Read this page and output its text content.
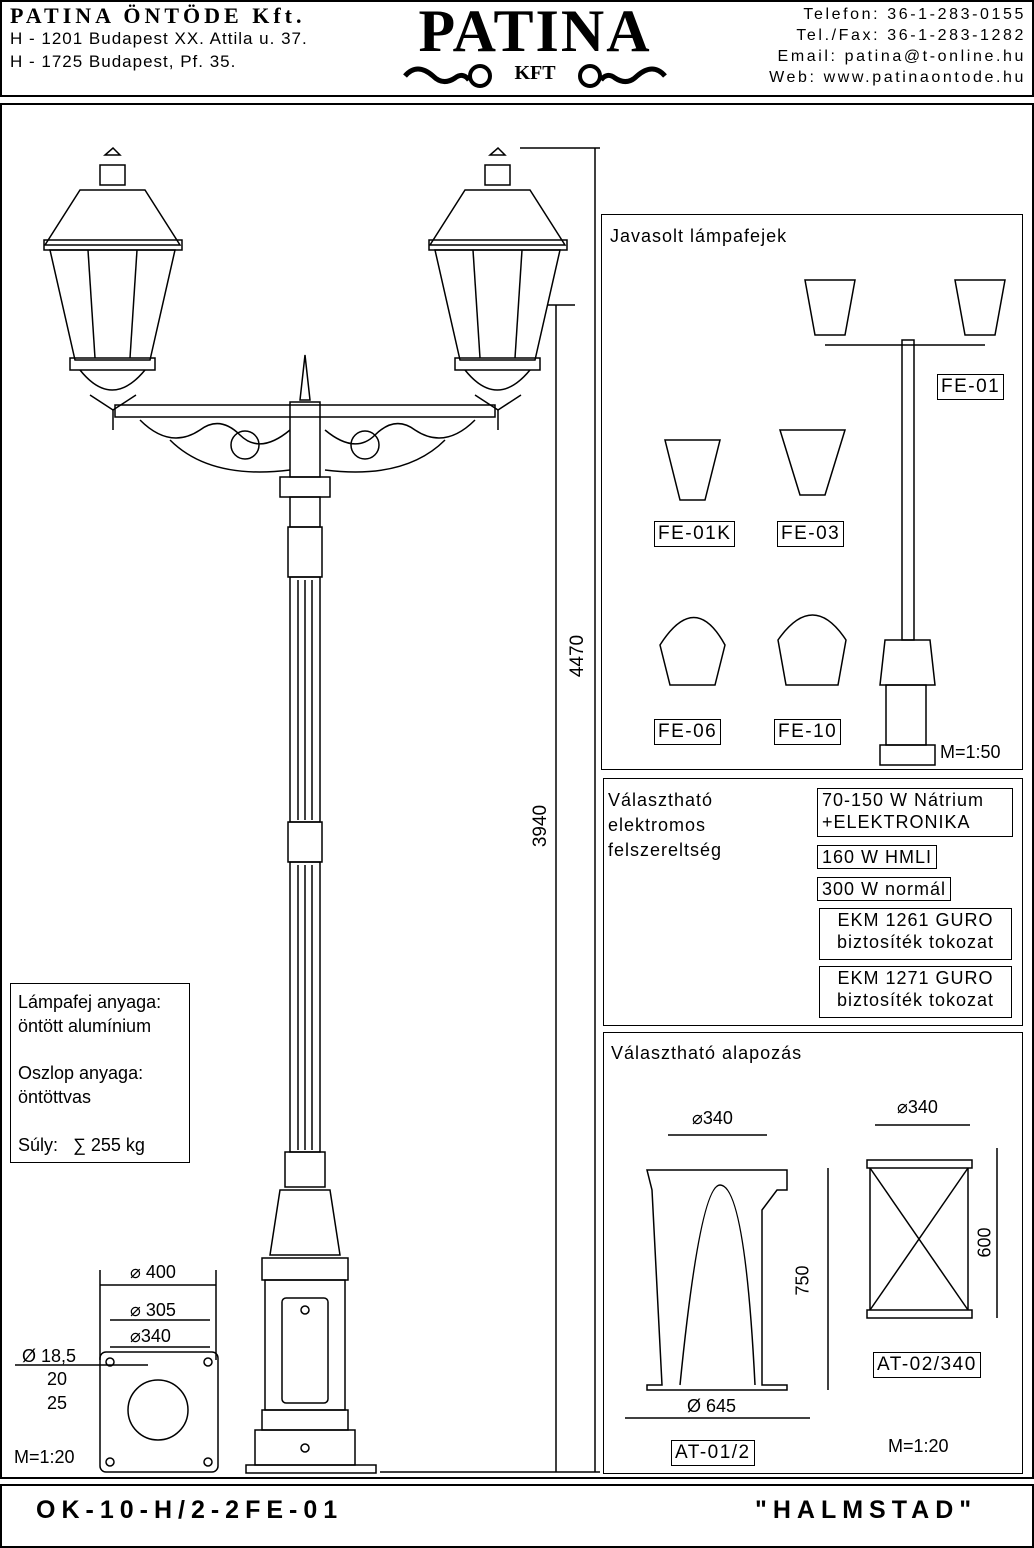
PATINA ÖNTÖDE Kft.
H - 1201 Budapest XX. Attila u. 37.
H - 1725 Budapest, Pf. 35.	PATINA
KFT
Telefon: 36-1-283-0155
Tel./Fax: 36-1-283-1282
Email: patina@t-online.hu
Web: www.patinaontode.hu
4470
3940
⌀ 400
⌀ 305
⌀340
Ø 18,5
20
25
M=1:20
Lámpafej anyaga:
öntött alumínium
Oszlop anyaga:
öntöttvas
Súly:   ∑ 255 kg
Javasolt lámpafejek
FE-01
FE-01K	FE-03
FE-06	FE-10
M=1:50
Választható
elektromos
felszereltség
70-150 W Nátrium
+ELEKTRONIKA
160 W HMLI
300 W normál
EKM 1261 GURO
biztosíték tokozat
EKM 1271 GURO
biztosíték tokozat
Választható alapozás
⌀340
750
Ø 645
AT-01/2
⌀340
600
AT-02/340
M=1:20
OK-10-H/2-2FE-01	"HALMSTAD"
